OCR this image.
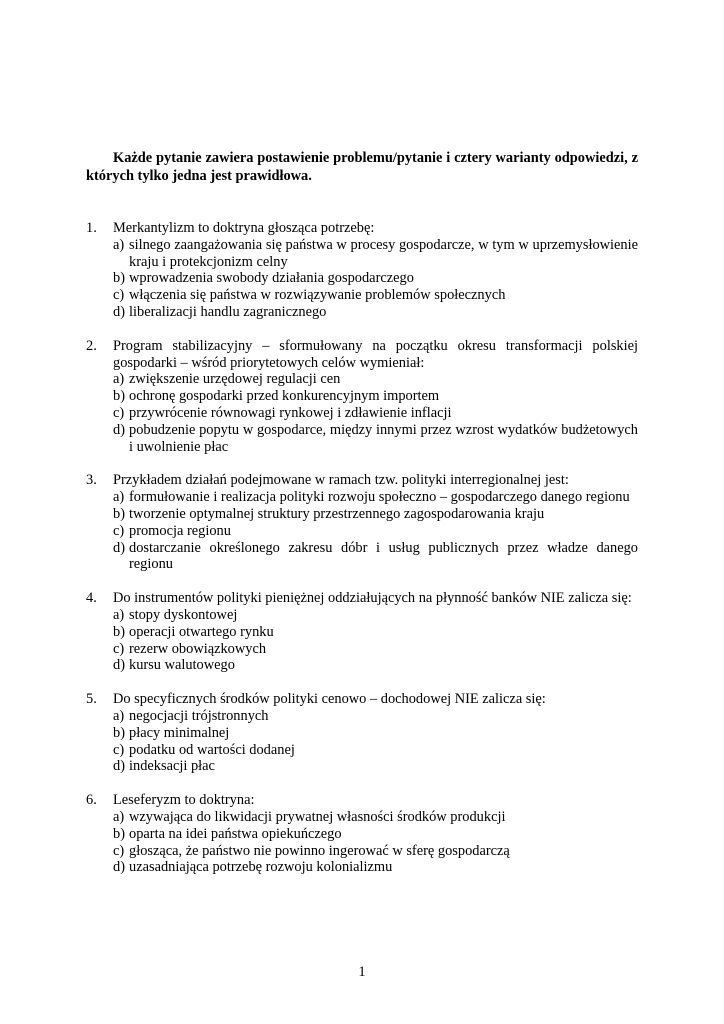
Każde pytanie zawiera postawienie problemu/pytanie i cztery warianty odpowiedzi, z których tylko jedna jest prawidłowa.

1.	Merkantylizm to doktryna głosząca potrzebę:
a) silnego zaangażowania się państwa w procesy gospodarcze, w tym w uprzemysłowienie kraju i protekcjonizm celny
b) wprowadzenia swobody działania gospodarczego
c) włączenia się państwa w rozwiązywanie problemów społecznych
d) liberalizacji handlu zagranicznego
2.	Program stabilizacyjny – sformułowany na początku okresu transformacji polskiej gospodarki – wśród priorytetowych celów wymieniał:
a) zwiększenie urzędowej regulacji cen
b) ochronę gospodarki przed konkurencyjnym importem
c) przywrócenie równowagi rynkowej i zdławienie inflacji
d) pobudzenie popytu w gospodarce, między innymi przez wzrost wydatków budżetowych i uwolnienie płac
3.	Przykładem działań podejmowane w ramach tzw. polityki interregionalnej jest:
a) formułowanie i realizacja polityki rozwoju społeczno – gospodarczego danego regionu
b) tworzenie optymalnej struktury przestrzennego zagospodarowania kraju
c) promocja regionu
d) dostarczanie określonego zakresu dóbr i usług publicznych przez władze danego regionu
4.	Do instrumentów polityki pieniężnej oddziałujących na płynność banków NIE zalicza się:
a) stopy dyskontowej
b) operacji otwartego rynku
c) rezerw obowiązkowych
d) kursu walutowego
5.	Do specyficznych środków polityki cenowo – dochodowej NIE zalicza się:
a) negocjacji trójstronnych
b) płacy minimalnej
c) podatku od wartości dodanej
d) indeksacji płac
6.	Leseferyzm to doktryna:
a) wzywająca do likwidacji prywatnej własności środków produkcji
b) oparta na idei państwa opiekuńczego
c) głosząca, że państwo nie powinno ingerować w sferę gospodarczą
d) uzasadniająca potrzebę rozwoju kolonializmu
1
